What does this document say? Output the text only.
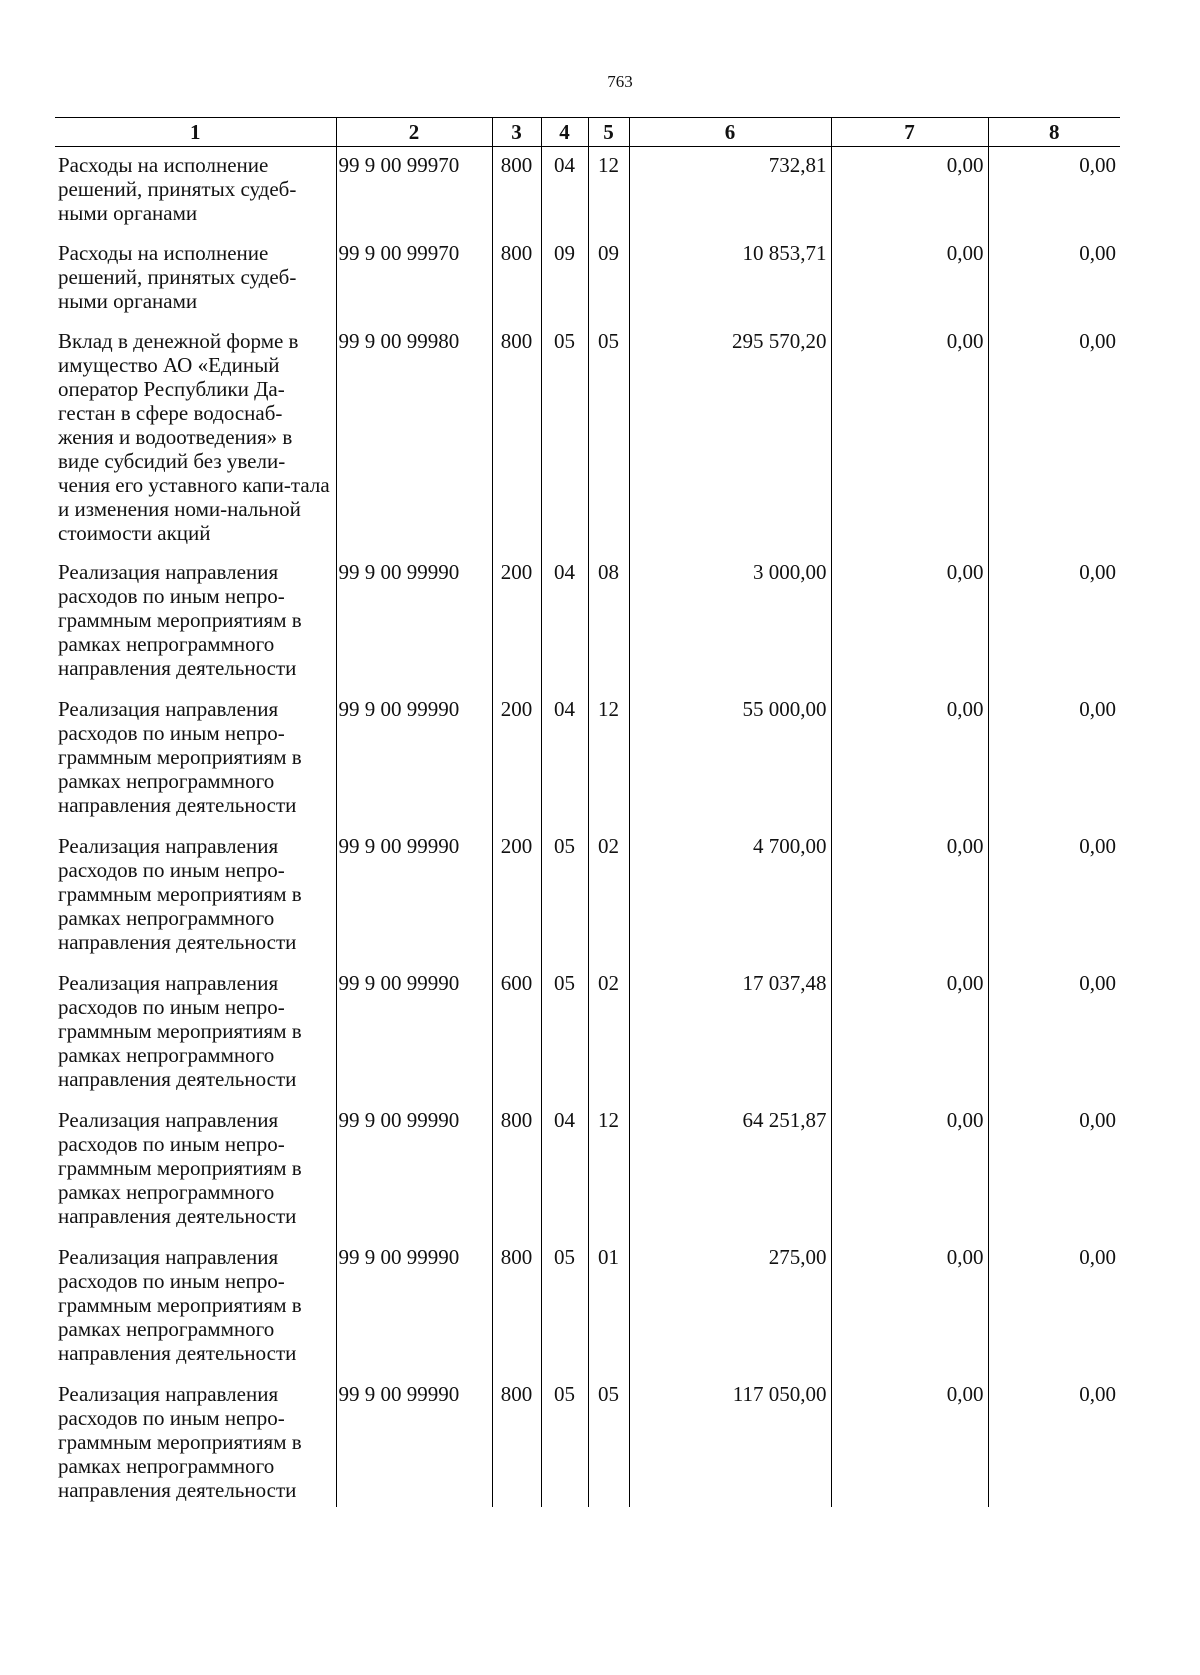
763
1	2	3	4	5	6	7	8
Расходы на исполнение решений, принятых судеб-ными органами	99 9 00 99970	800	04	12	732,81	0,00	0,00
Расходы на исполнение решений, принятых судеб-ными органами	99 9 00 99970	800	09	09	10 853,71	0,00	0,00
Вклад в денежной форме в имущество АО «Единый оператор Республики Да-гестан в сфере водоснаб-жения и водоотведения» в виде субсидий без увели-чения его уставного капи-тала и изменения номи-нальной стоимости акций	99 9 00 99980	800	05	05	295 570,20	0,00	0,00
Реализация направления расходов по иным непро-граммным мероприятиям в рамках непрограммного направления деятельности	99 9 00 99990	200	04	08	3 000,00	0,00	0,00
Реализация направления расходов по иным непро-граммным мероприятиям в рамках непрограммного направления деятельности	99 9 00 99990	200	04	12	55 000,00	0,00	0,00
Реализация направления расходов по иным непро-граммным мероприятиям в рамках непрограммного направления деятельности	99 9 00 99990	200	05	02	4 700,00	0,00	0,00
Реализация направления расходов по иным непро-граммным мероприятиям в рамках непрограммного направления деятельности	99 9 00 99990	600	05	02	17 037,48	0,00	0,00
Реализация направления расходов по иным непро-граммным мероприятиям в рамках непрограммного направления деятельности	99 9 00 99990	800	04	12	64 251,87	0,00	0,00
Реализация направления расходов по иным непро-граммным мероприятиям в рамках непрограммного направления деятельности	99 9 00 99990	800	05	01	275,00	0,00	0,00
Реализация направления расходов по иным непро-граммным мероприятиям в рамках непрограммного направления деятельности	99 9 00 99990	800	05	05	117 050,00	0,00	0,00
